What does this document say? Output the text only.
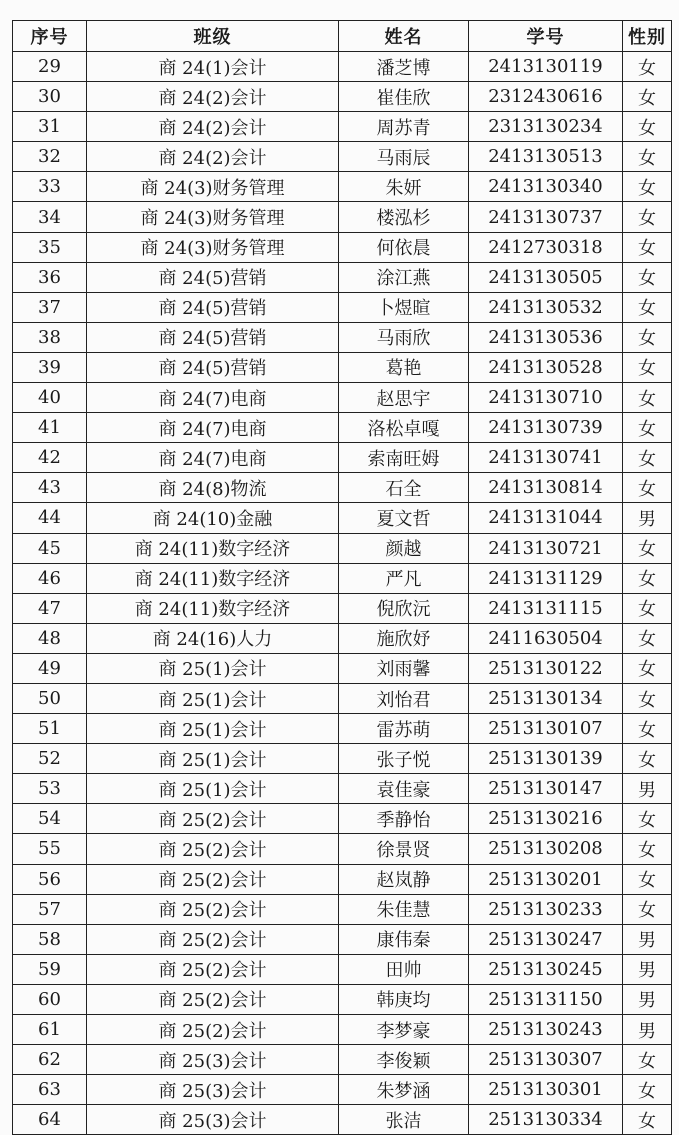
序号	班级	姓名	学号	性别
29	商 24(1)会计	潘芝博	2413130119	女
30	商 24(2)会计	崔佳欣	2312430616	女
31	商 24(2)会计	周苏青	2313130234	女
32	商 24(2)会计	马雨辰	2413130513	女
33	商 24(3)财务管理	朱妍	2413130340	女
34	商 24(3)财务管理	楼泓杉	2413130737	女
35	商 24(3)财务管理	何依晨	2412730318	女
36	商 24(5)营销	涂江燕	2413130505	女
37	商 24(5)营销	卜煜暄	2413130532	女
38	商 24(5)营销	马雨欣	2413130536	女
39	商 24(5)营销	葛艳	2413130528	女
40	商 24(7)电商	赵思宇	2413130710	女
41	商 24(7)电商	洛松卓嘎	2413130739	女
42	商 24(7)电商	索南旺姆	2413130741	女
43	商 24(8)物流	石全	2413130814	女
44	商 24(10)金融	夏文哲	2413131044	男
45	商 24(11)数字经济	颜越	2413130721	女
46	商 24(11)数字经济	严凡	2413131129	女
47	商 24(11)数字经济	倪欣沅	2413131115	女
48	商 24(16)人力	施欣妤	2411630504	女
49	商 25(1)会计	刘雨馨	2513130122	女
50	商 25(1)会计	刘怡君	2513130134	女
51	商 25(1)会计	雷苏萌	2513130107	女
52	商 25(1)会计	张子悦	2513130139	女
53	商 25(1)会计	袁佳豪	2513130147	男
54	商 25(2)会计	季静怡	2513130216	女
55	商 25(2)会计	徐景贤	2513130208	女
56	商 25(2)会计	赵岚静	2513130201	女
57	商 25(2)会计	朱佳慧	2513130233	女
58	商 25(2)会计	康伟秦	2513130247	男
59	商 25(2)会计	田帅	2513130245	男
60	商 25(2)会计	韩庚均	2513131150	男
61	商 25(2)会计	李梦豪	2513130243	男
62	商 25(3)会计	李俊颖	2513130307	女
63	商 25(3)会计	朱梦涵	2513130301	女
64	商 25(3)会计	张洁	2513130334	女
